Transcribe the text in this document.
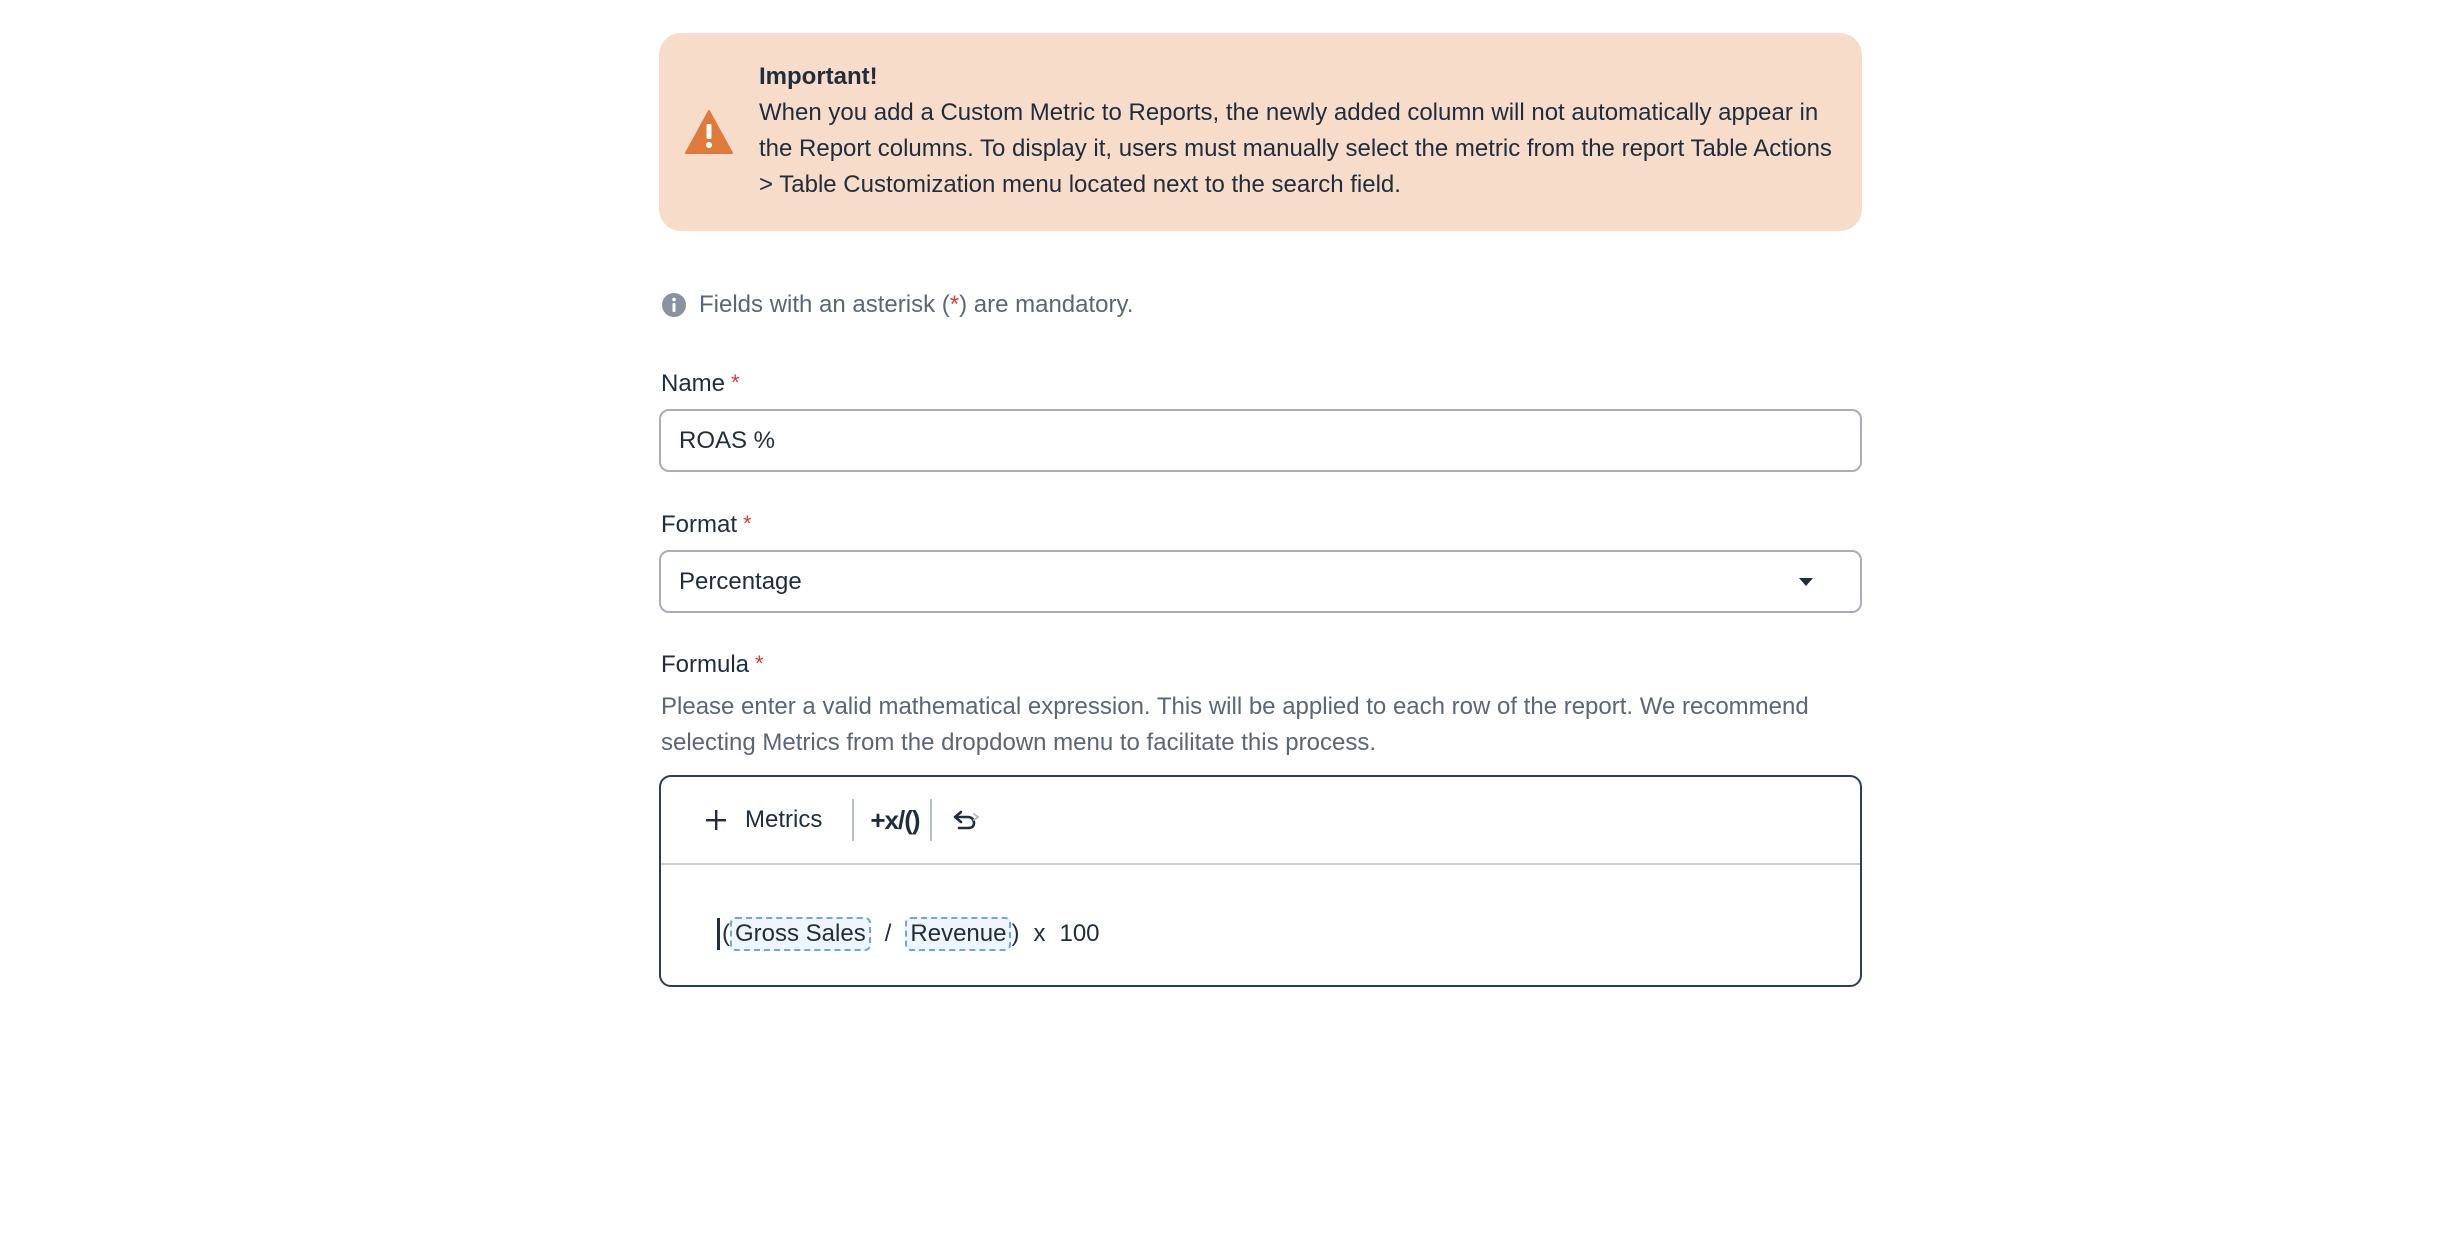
Important!

When you add a Custom Metric to Reports, the newly added column will not automatically appear in the Report columns. To display it, users must manually select the metric from the report Table Actions > Table Customization menu located next to the search field.

Fields with an asterisk ( * ) are mandatory.
Name *
ROAS %
Format *
Percentage
Formula *
Please enter a valid mathematical expression. This will be applied to each row of the report. We recommend selecting Metrics from the dropdown menu to facilitate this process.
Metrics +x/()
( Gross Sales / Revenue ) x 100
